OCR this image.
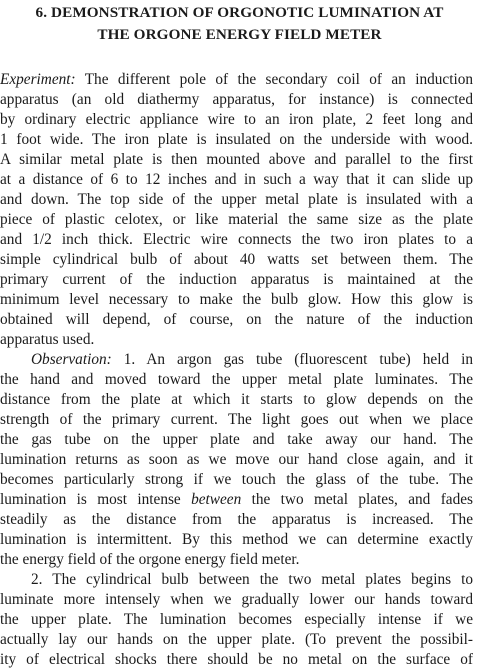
6. DEMONSTRATION OF ORGONOTIC LUMINATION AT
THE ORGONE ENERGY FIELD METER
Experiment: The different pole of the secondary coil of an induction
apparatus (an old diathermy apparatus, for instance) is connected
by ordinary electric appliance wire to an iron plate, 2 feet long and
1 foot wide. The iron plate is insulated on the underside with wood.
A similar metal plate is then mounted above and parallel to the first
at a distance of 6 to 12 inches and in such a way that it can slide up
and down. The top side of the upper metal plate is insulated with a
piece of plastic celotex, or like material the same size as the plate
and 1/2 inch thick. Electric wire connects the two iron plates to a
simple cylindrical bulb of about 40 watts set between them. The
primary current of the induction apparatus is maintained at the
minimum level necessary to make the bulb glow. How this glow is
obtained will depend, of course, on the nature of the induction
apparatus used.
Observation: 1. An argon gas tube (fluorescent tube) held in
the hand and moved toward the upper metal plate luminates. The
distance from the plate at which it starts to glow depends on the
strength of the primary current. The light goes out when we place
the gas tube on the upper plate and take away our hand. The
lumination returns as soon as we move our hand close again, and it
becomes particularly strong if we touch the glass of the tube. The
lumination is most intense between the two metal plates, and fades
steadily as the distance from the apparatus is increased. The
lumination is intermittent. By this method we can determine exactly
the energy field of the orgone energy field meter.
2. The cylindrical bulb between the two metal plates begins to
luminate more intensely when we gradually lower our hands toward
the upper plate. The lumination becomes especially intense if we
actually lay our hands on the upper plate. (To prevent the possibil-
ity of electrical shocks there should be no metal on the surface of
